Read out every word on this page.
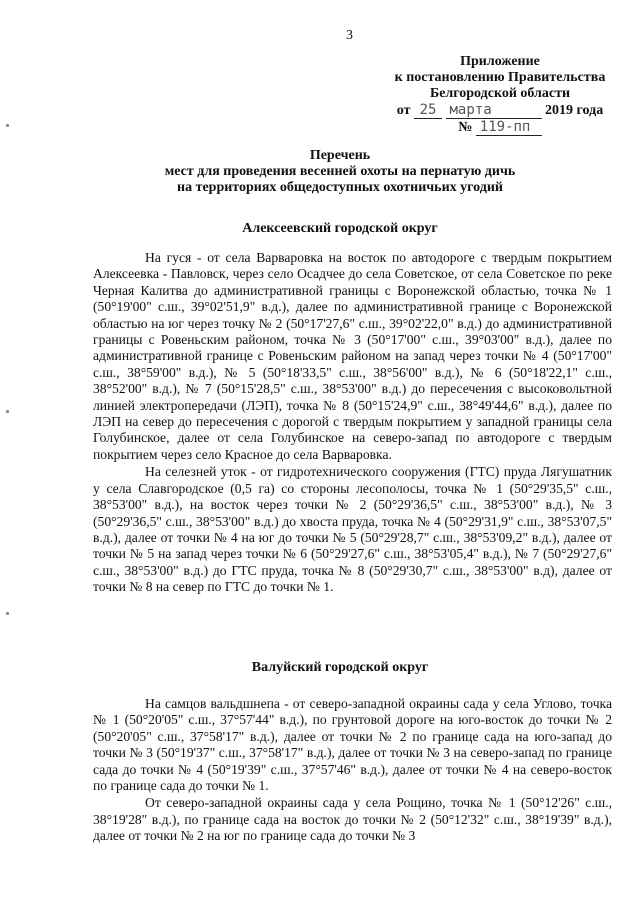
3
Приложение
к постановлению Правительства
Белгородской области
от 25 марта	2019 года
№ 119-пп
Перечень
мест для проведения весенней охоты на пернатую дичь
на территориях общедоступных охотничьих угодий
Алексеевский городской округ

На гуся - от села Варваровка на восток по автодороге с твердым покрытием Алексеевка - Павловск, через село Осадчее до села Советское, от села Советское по реке Черная Калитва до административной границы с Воронежской областью, точка № 1 (50°19'00" с.ш., 39°02'51,9" в.д.), далее по административной границе с Воронежской областью на юг через точку № 2 (50°17'27,6" с.ш., 39°02'22,0" в.д.) до административной границы с Ровеньским районом, точка № 3 (50°17'00" с.ш., 39°03'00" в.д.), далее по административной границе с Ровеньским районом на запад через точки № 4 (50°17'00" с.ш., 38°59'00" в.д.), № 5 (50°18'33,5" с.ш., 38°56'00" в.д.), № 6 (50°18'22,1" с.ш., 38°52'00" в.д.), № 7 (50°15'28,5" с.ш., 38°53'00" в.д.) до пересечения с высоковольтной линией электропередачи (ЛЭП), точка № 8 (50°15'24,9" с.ш., 38°49'44,6" в.д.), далее по ЛЭП на север до пересечения с дорогой с твердым покрытием у западной границы села Голубинское, далее от села Голубинское на северо-запад по автодороге с твердым покрытием через село Красное до села Варваровка.

На селезней уток - от гидротехнического сооружения (ГТС) пруда Лягушатник у села Славгородское (0,5 га) со стороны лесополосы, точка № 1 (50°29'35,5" с.ш., 38°53'00" в.д.), на восток через точки № 2 (50°29'36,5" с.ш., 38°53'00" в.д.), № 3 (50°29'36,5" с.ш., 38°53'00" в.д.) до хвоста пруда, точка № 4 (50°29'31,9" с.ш., 38°53'07,5" в.д.), далее от точки № 4 на юг до точки № 5 (50°29'28,7" с.ш., 38°53'09,2" в.д.), далее от точки № 5 на запад через точки № 6 (50°29'27,6" с.ш., 38°53'05,4" в.д.), № 7 (50°29'27,6" с.ш., 38°53'00" в.д.) до ГТС пруда, точка № 8 (50°29'30,7" с.ш., 38°53'00" в.д), далее от точки № 8 на север по ГТС до точки № 1.

Валуйский городской округ

На самцов вальдшнепа - от северо-западной окраины сада у села Углово, точка № 1 (50°20'05" с.ш., 37°57'44" в.д.), по грунтовой дороге на юго-восток до точки № 2 (50°20'05" с.ш., 37°58'17" в.д.), далее от точки № 2 по границе сада на юго-запад до точки № 3 (50°19'37" с.ш., 37°58'17" в.д.), далее от точки № 3 на северо-запад по границе сада до точки № 4 (50°19'39" с.ш., 37°57'46" в.д.), далее от точки № 4 на северо-восток по границе сада до точки № 1.

От северо-западной окраины сада у села Рощино, точка № 1 (50°12'26" с.ш., 38°19'28" в.д.), по границе сада на восток до точки № 2 (50°12'32" с.ш., 38°19'39" в.д.), далее от точки № 2 на юг по границе сада до точки № 3
